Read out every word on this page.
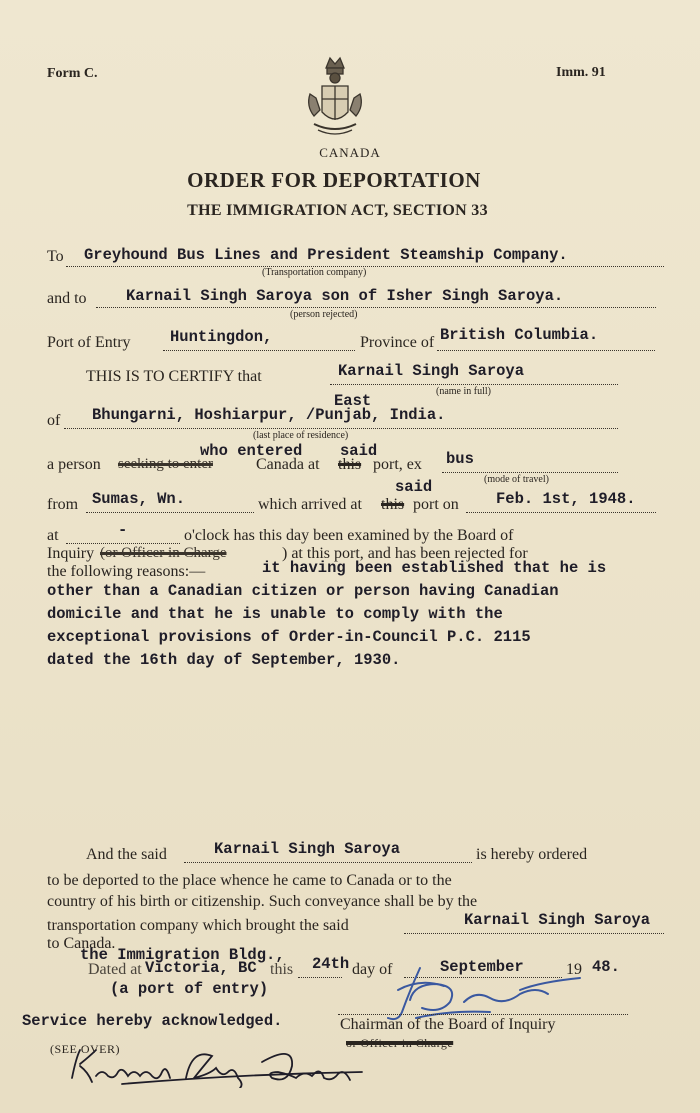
Form C.	Imm. 91
CANADA
ORDER FOR DEPORTATION
THE IMMIGRATION ACT, SECTION 33
To Greyhound Bus Lines and President Steamship Company.
(Transportation company)
and to	Karnail Singh Saroya son of Isher Singh Saroya.
(person rejected)
Port of Entry	Huntingdon,	Province of British Columbia.
THIS IS TO CERTIFY that	Karnail Singh Saroya
(name in full)
East
of Bhungarni, Hoshiarpur, /Punjab, India.
(last place of residence)
who entered said
a person seeking to enter	Canada at this port, ex bus
(mode of travel)
said
from Sumas, Wn.	which arrived at this port on Feb. 1st, 1948.
at	-	o'clock has this day been examined by the Board of
Inquiry (or Officer in Charge	) at this port, and has been rejected for
the following reasons:—	it having been established that he is
other than a Canadian citizen or person having Canadian
domicile and that he is unable to comply with the
exceptional provisions of Order-in-Council P.C. 2115
dated the 16th day of September, 1930.
And the said	Karnail Singh Saroya	is hereby ordered
to be deported to the place whence he came to Canada or to the
country of his birth or citizenship. Such conveyance shall be by the
transportation company which brought the said	Karnail Singh Saroya
to Canada.
the Immigration Bldg.,
Dated at Victoria, BC this 24th day of	September	19 48.
(a port of entry)
Service hereby acknowledged.	Chairman of the Board of Inquiry
or Officer in Charge
(SEE OVER)
